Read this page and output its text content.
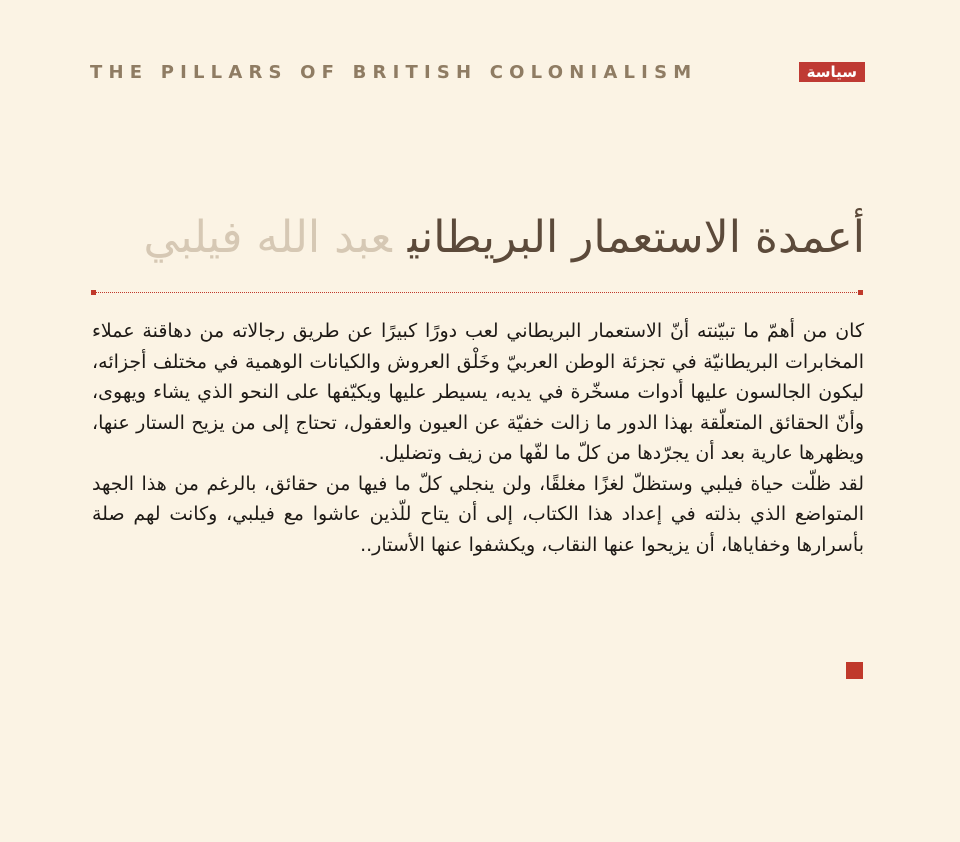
THE PILLARS OF BRITISH COLONIALISM	سياسة
أعمدة الاستعمار البريطانيعبد الله فيلبي

كان من أهمّ ما تبيّنته أنّ الاستعمار البريطاني لعب دورًا كبيرًا عن طريق رجالاته من دهاقنة عملاء المخابرات البريطانيّة في تجزئة الوطن العربيّ وخَلْق العروش والكيانات الوهمية في مختلف أجزائه، ليكون الجالسون عليها أدوات مسخّرة في يديه، يسيطر عليها ويكيّفها على النحو الذي يشاء ويهوى، وأنّ الحقائق المتعلّقة بهذا الدور ما زالت خفيّة عن العيون والعقول، تحتاج إلى من يزيح الستار عنها، ويظهرها عارية بعد أن يجرّدها من كلّ ما لفّها من زيف وتضليل.

لقد ظلّت حياة فيلبي وستظلّ لغزًا مغلقًا، ولن ينجلي كلّ ما فيها من حقائق، بالرغم من هذا الجهد المتواضع الذي بذلته في إعداد هذا الكتاب، إلى أن يتاح للّذين عاشوا مع فيلبي، وكانت لهم صلة بأسرارها وخفاياها، أن يزيحوا عنها النقاب، ويكشفوا عنها الأستار..
